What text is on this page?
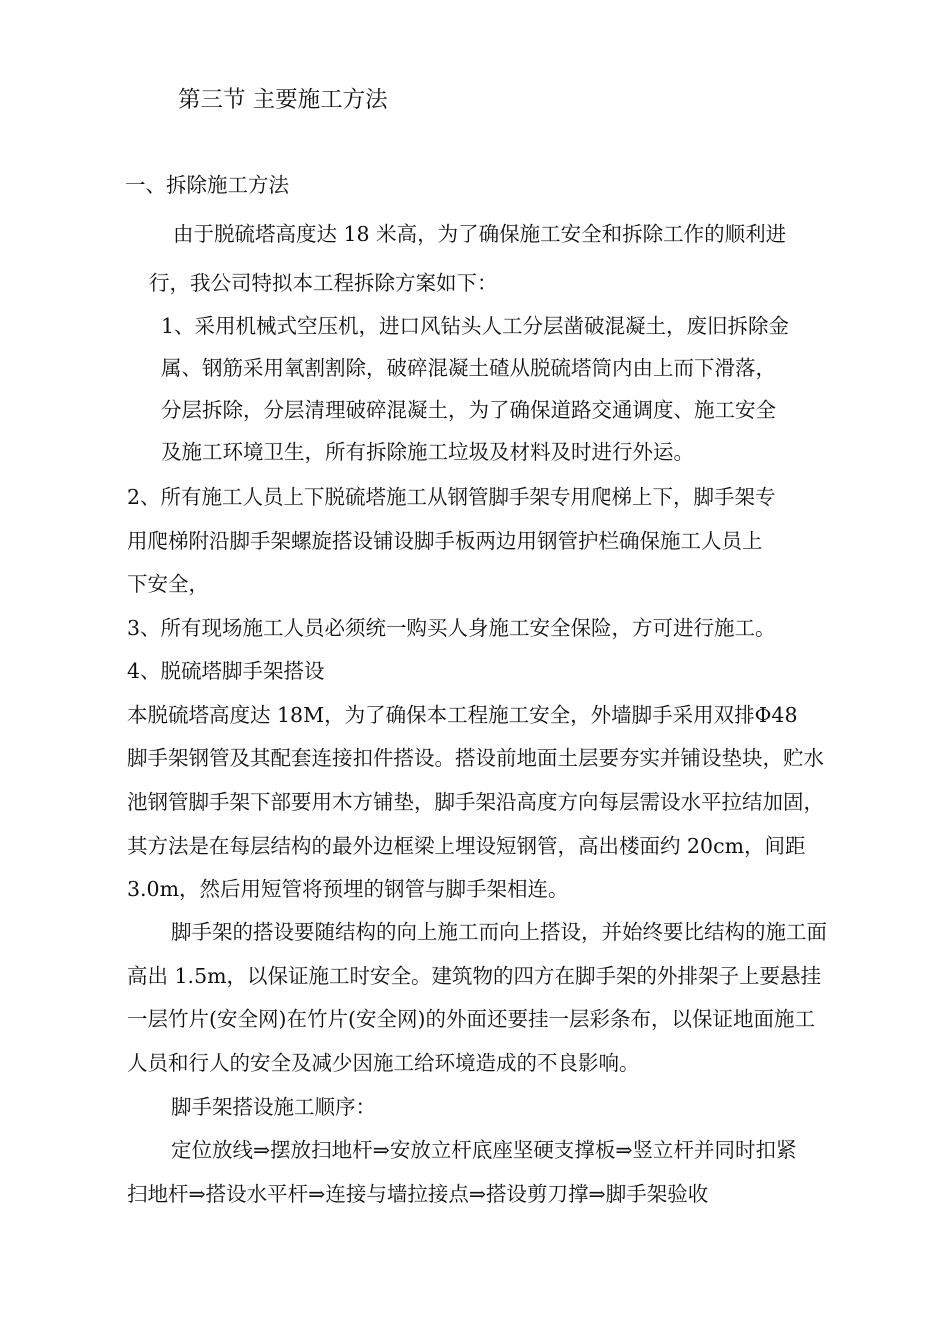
第三节 主要施工方法
一、拆除施工方法
由于脱硫塔高度达 18 米高，为了确保施工安全和拆除工作的顺利进
行，我公司特拟本工程拆除方案如下：
1、采用机械式空压机，进口风钻头人工分层凿破混凝土，废旧拆除金
属、钢筋采用氧割割除，破碎混凝土碴从脱硫塔筒内由上而下滑落，
分层拆除，分层清理破碎混凝土，为了确保道路交通调度、施工安全
及施工环境卫生，所有拆除施工垃圾及材料及时进行外运。
2、所有施工人员上下脱硫塔施工从钢管脚手架专用爬梯上下，脚手架专
用爬梯附沿脚手架螺旋搭设铺设脚手板两边用钢管护栏确保施工人员上
下安全，
3、所有现场施工人员必须统一购买人身施工安全保险，方可进行施工。
4、脱硫塔脚手架搭设
本脱硫塔高度达 18M，为了确保本工程施工安全，外墙脚手采用双排Φ48
脚手架钢管及其配套连接扣件搭设。搭设前地面土层要夯实并铺设垫块，贮水
池钢管脚手架下部要用木方铺垫，脚手架沿高度方向每层需设水平拉结加固，
其方法是在每层结构的最外边框梁上埋设短钢管，高出楼面约 20cm，间距
3.0m，然后用短管将预埋的钢管与脚手架相连。
脚手架的搭设要随结构的向上施工而向上搭设，并始终要比结构的施工面
高出 1.5m，以保证施工时安全。建筑物的四方在脚手架的外排架子上要悬挂
一层竹片(安全网)在竹片(安全网)的外面还要挂一层彩条布，以保证地面施工
人员和行人的安全及减少因施工给环境造成的不良影响。
脚手架搭设施工顺序：
定位放线⇒摆放扫地杆⇒安放立杆底座坚硬支撑板⇒竖立杆并同时扣紧
扫地杆⇒搭设水平杆⇒连接与墙拉接点⇒搭设剪刀撑⇒脚手架验收
